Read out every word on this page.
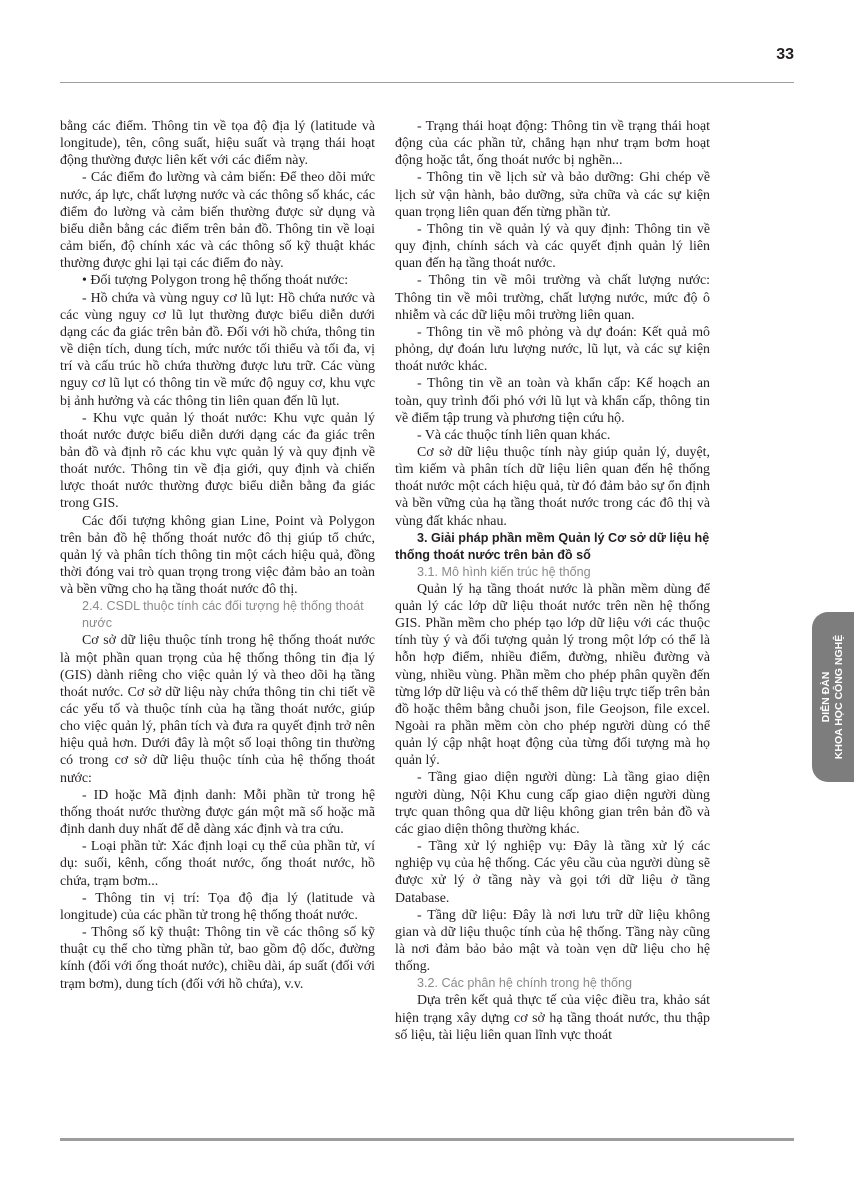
33

bằng các điểm. Thông tin về tọa độ địa lý (latitude và longitude), tên, công suất, hiệu suất và trạng thái hoạt động thường được liên kết với các điểm này.

- Các điểm đo lường và cảm biến: Để theo dõi mức nước, áp lực, chất lượng nước và các thông số khác, các điểm đo lường và cảm biến thường được sử dụng và biểu diễn bằng các điểm trên bản đồ. Thông tin về loại cảm biến, độ chính xác và các thông số kỹ thuật khác thường được ghi lại tại các điểm đo này.

• Đối tượng Polygon trong hệ thống thoát nước:

- Hồ chứa và vùng nguy cơ lũ lụt: Hồ chứa nước và các vùng nguy cơ lũ lụt thường được biểu diễn dưới dạng các đa giác trên bản đồ. Đối với hồ chứa, thông tin về diện tích, dung tích, mức nước tối thiểu và tối đa, vị trí và cấu trúc hồ chứa thường được lưu trữ. Các vùng nguy cơ lũ lụt có thông tin về mức độ nguy cơ, khu vực bị ảnh hưởng và các thông tin liên quan đến lũ lụt.

- Khu vực quản lý thoát nước: Khu vực quản lý thoát nước được biểu diễn dưới dạng các đa giác trên bản đồ và định rõ các khu vực quản lý và quy định về thoát nước. Thông tin về địa giới, quy định và chiến lược thoát nước thường được biểu diễn bằng đa giác trong GIS.

Các đối tượng không gian Line, Point và Polygon trên bản đồ hệ thống thoát nước đô thị giúp tổ chức, quản lý và phân tích thông tin một cách hiệu quả, đồng thời đóng vai trò quan trọng trong việc đảm bảo an toàn và bền vững cho hạ tầng thoát nước đô thị.

2.4. CSDL thuộc tính các đối tượng hệ thống thoát nước

Cơ sở dữ liệu thuộc tính trong hệ thống thoát nước là một phần quan trọng của hệ thống thông tin địa lý (GIS) dành riêng cho việc quản lý và theo dõi hạ tầng thoát nước. Cơ sở dữ liệu này chứa thông tin chi tiết về các yếu tố và thuộc tính của hạ tầng thoát nước, giúp cho việc quản lý, phân tích và đưa ra quyết định trở nên hiệu quả hơn. Dưới đây là một số loại thông tin thường có trong cơ sở dữ liệu thuộc tính của hệ thống thoát nước:

- ID hoặc Mã định danh: Mỗi phần tử trong hệ thống thoát nước thường được gán một mã số hoặc mã định danh duy nhất để dễ dàng xác định và tra cứu.

- Loại phần tử: Xác định loại cụ thể của phần tử, ví dụ: suối, kênh, cống thoát nước, ống thoát nước, hồ chứa, trạm bơm...

- Thông tin vị trí: Tọa độ địa lý (latitude và longitude) của các phần tử trong hệ thống thoát nước.

- Thông số kỹ thuật: Thông tin về các thông số kỹ thuật cụ thể cho từng phần tử, bao gồm độ dốc, đường kính (đối với ống thoát nước), chiều dài, áp suất (đối với trạm bơm), dung tích (đối với hồ chứa), v.v.

- Trạng thái hoạt động: Thông tin về trạng thái hoạt động của các phần tử, chẳng hạn như trạm bơm hoạt động hoặc tắt, ống thoát nước bị nghẽn...

- Thông tin về lịch sử và bảo dưỡng: Ghi chép về lịch sử vận hành, bảo dưỡng, sửa chữa và các sự kiện quan trọng liên quan đến từng phần tử.

- Thông tin về quản lý và quy định: Thông tin về quy định, chính sách và các quyết định quản lý liên quan đến hạ tầng thoát nước.

- Thông tin về môi trường và chất lượng nước: Thông tin về môi trường, chất lượng nước, mức độ ô nhiễm và các dữ liệu môi trường liên quan.

- Thông tin về mô phỏng và dự đoán: Kết quả mô phỏng, dự đoán lưu lượng nước, lũ lụt, và các sự kiện thoát nước khác.

- Thông tin về an toàn và khẩn cấp: Kế hoạch an toàn, quy trình đối phó với lũ lụt và khẩn cấp, thông tin về điểm tập trung và phương tiện cứu hộ.

- Và các thuộc tính liên quan khác.

Cơ sở dữ liệu thuộc tính này giúp quản lý, duyệt, tìm kiếm và phân tích dữ liệu liên quan đến hệ thống thoát nước một cách hiệu quả, từ đó đảm bảo sự ổn định và bền vững của hạ tầng thoát nước trong các đô thị và vùng đất khác nhau.

3. Giải pháp phần mềm Quản lý Cơ sở dữ liệu hệ thống thoát nước trên bản đồ số
3.1. Mô hình kiến trúc hệ thống

Quản lý hạ tầng thoát nước là phần mềm dùng để quản lý các lớp dữ liệu thoát nước trên nền hệ thống GIS. Phần mềm cho phép tạo lớp dữ liệu với các thuộc tính tùy ý và đối tượng quản lý trong một lớp có thể là hỗn hợp điểm, nhiều điểm, đường, nhiều đường và vùng, nhiều vùng. Phần mềm cho phép phân quyền đến từng lớp dữ liệu và có thể thêm dữ liệu trực tiếp trên bản đồ hoặc thêm bằng chuỗi json, file Geojson, file excel. Ngoài ra phần mềm còn cho phép người dùng có thể quản lý cập nhật hoạt động của từng đối tượng mà họ quản lý.

- Tầng giao diện người dùng: Là tầng giao diện người dùng, Nội Khu cung cấp giao diện người dùng trực quan thông qua dữ liệu không gian trên bản đồ và các giao diện thông thường khác.

- Tầng xử lý nghiệp vụ: Đây là tầng xử lý các nghiệp vụ của hệ thống. Các yêu cầu của người dùng sẽ được xử lý ở tầng này và gọi tới dữ liệu ở tầng Database.

- Tầng dữ liệu: Đây là nơi lưu trữ dữ liệu không gian và dữ liệu thuộc tính của hệ thống. Tầng này cũng là nơi đảm bảo bảo mật và toàn vẹn dữ liệu cho hệ thống.

3.2. Các phân hệ chính trong hệ thống

Dựa trên kết quả thực tế của việc điều tra, khảo sát hiện trạng xây dựng cơ sở hạ tầng thoát nước, thu thập số liệu, tài liệu liên quan lĩnh vực thoát

DIỄN ĐÀN KHOA HỌC CÔNG NGHỆ
